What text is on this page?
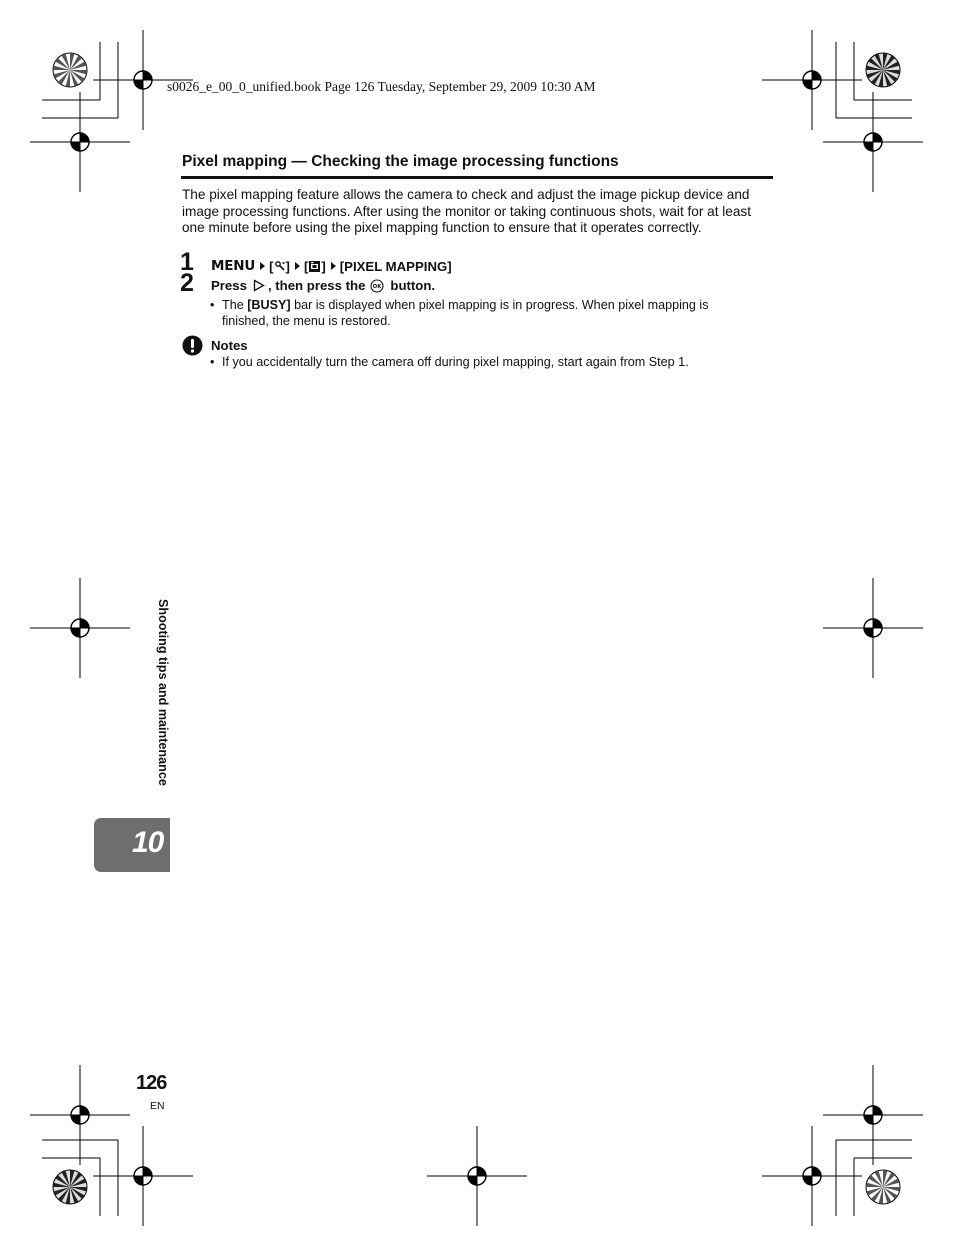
s0026_e_00_0_unified.book Page 126 Tuesday, September 29, 2009 10:30 AM
Pixel mapping — Checking the image processing functions
The pixel mapping feature allows the camera to check and adjust the image pickup device and image processing functions. After using the monitor or taking continuous shots, wait for at least one minute before using the pixel mapping function to ensure that it operates correctly.
1 MENU [ ] [ ] [PIXEL MAPPING]
2 Press , then press the OK button.
• The [BUSY] bar is displayed when pixel mapping is in progress. When pixel mapping is finished, the menu is restored.
Notes
• If you accidentally turn the camera off during pixel mapping, start again from Step 1.
Shooting tips and maintenance
10
126
EN
